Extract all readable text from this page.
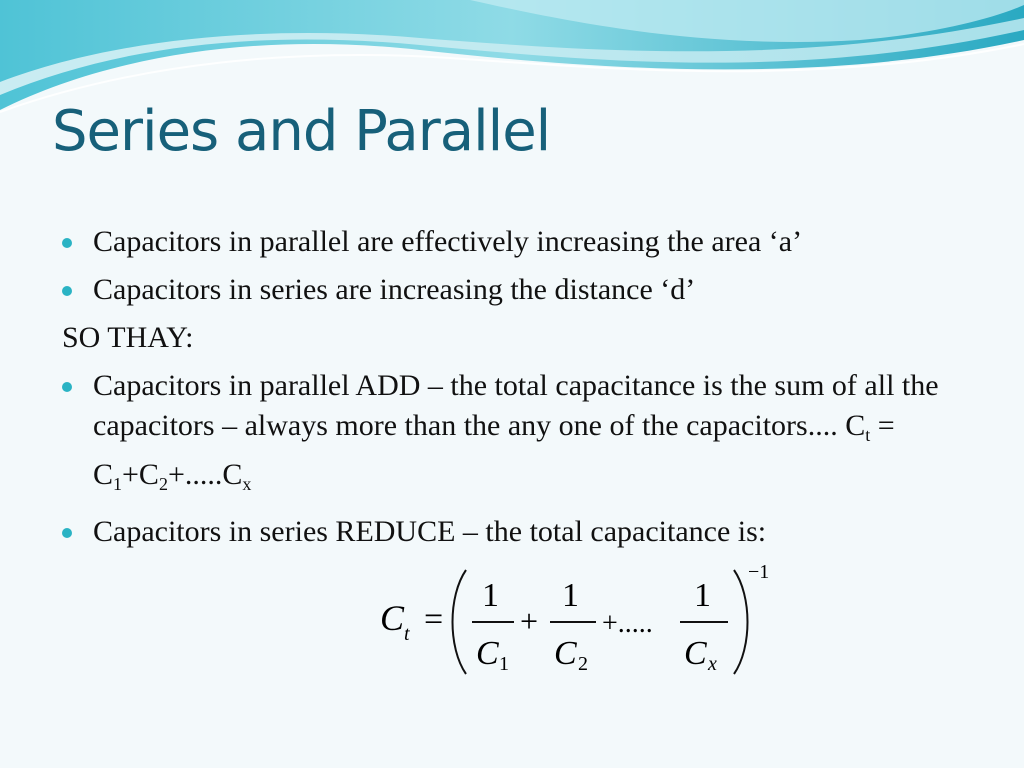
Series and Parallel
Capacitors in parallel are effectively increasing the area ‘a’
Capacitors in series are increasing the distance ‘d’
SO THAY:
Capacitors in parallel ADD – the total capacitance is the sum of all the capacitors – always more than the any one of the capacitors.... $C_t = C_1+C_2+.....C_x$
Capacitors in series REDUCE – the total capacitance is:
C t =
1
C 1
+
1
C 2
+.....
1
C x
−1
